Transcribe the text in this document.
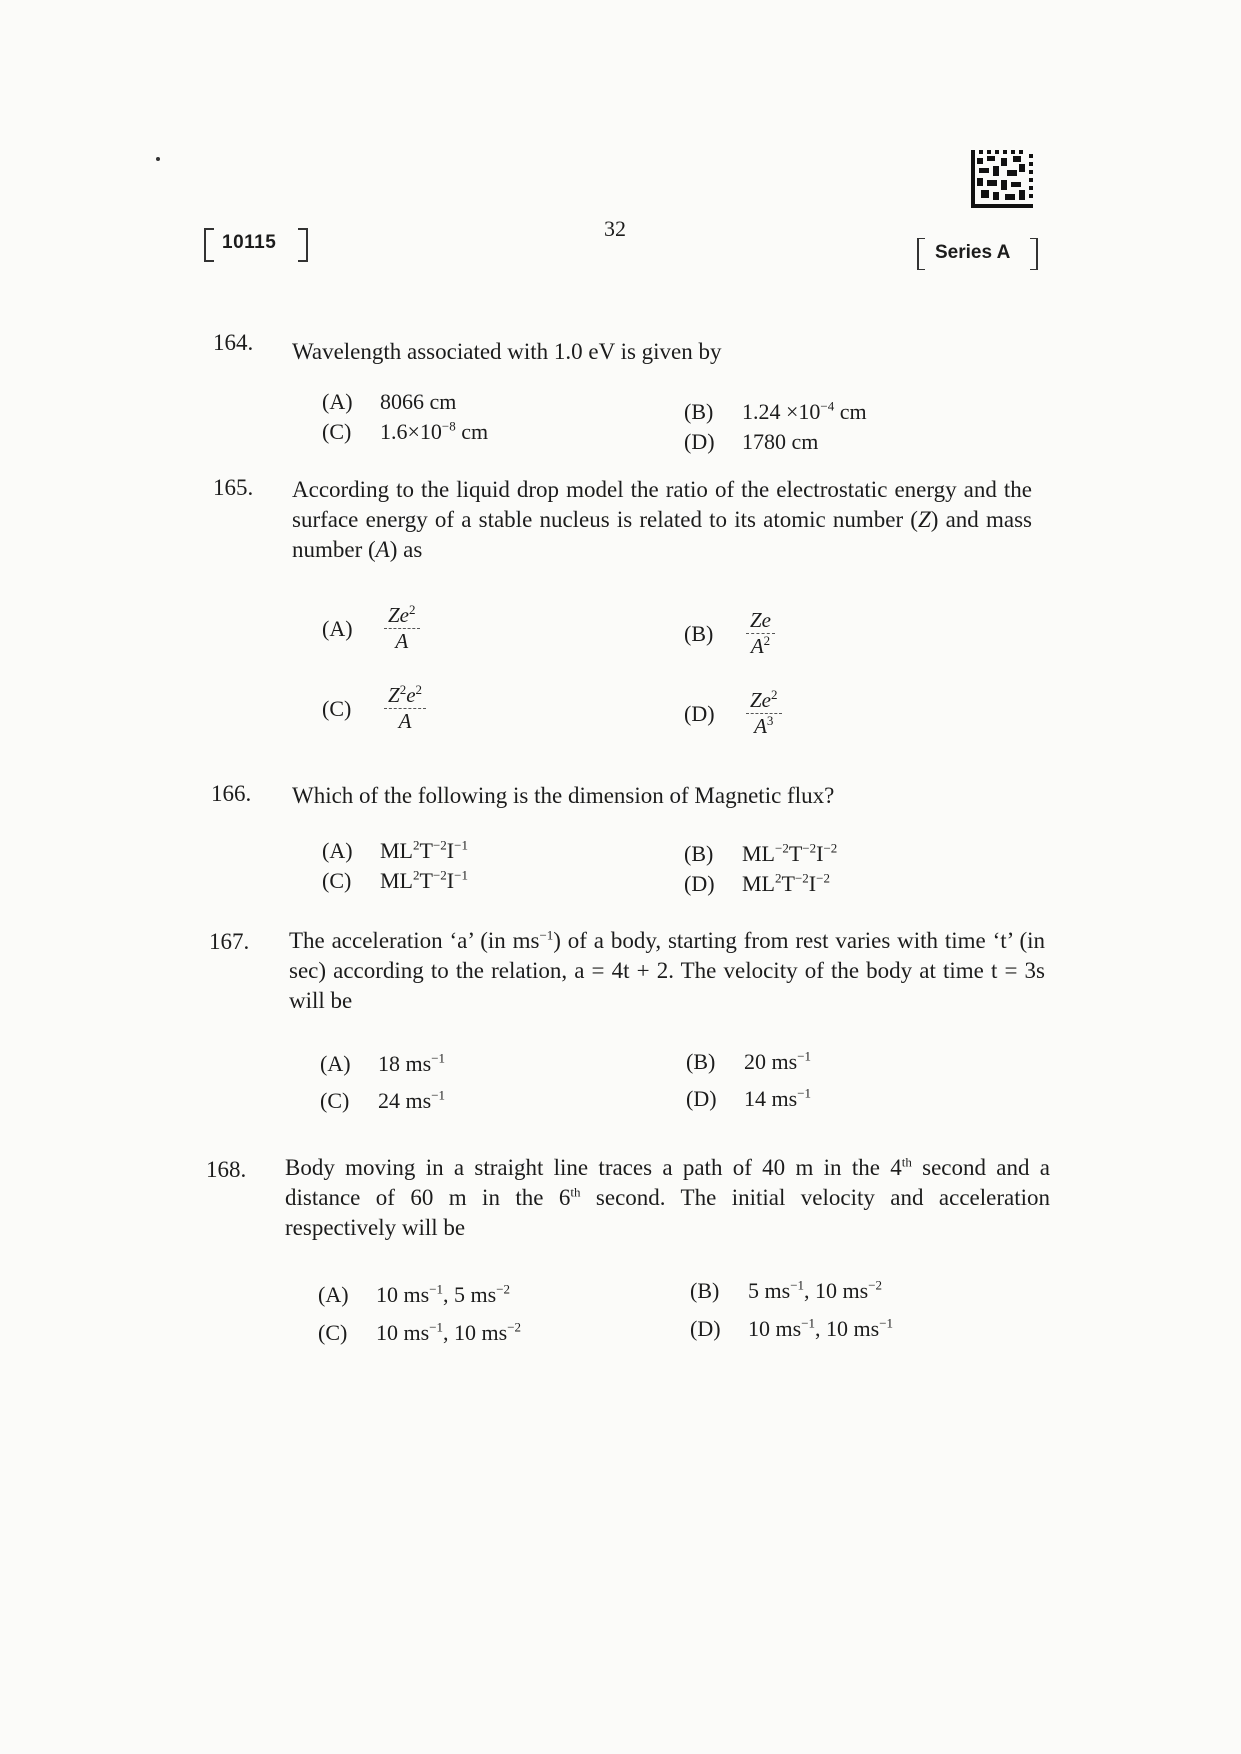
10115
32
Series A
164. Wavelength associated with 1.0 eV is given by
(A) 8066 cm	(B) $1.24 \times 10^{-4}$ cm
(C) $1.6\times 10^{-8}$ cm	(D) 1780 cm
165. According to the liquid drop model the ratio of the electrostatic energy and the surface energy of a stable nucleus is related to its atomic number (Z) and mass number (A) as
$(A) \frac{Ze^2}{A}$	$(B) \frac{Ze}{A^2}$
$(C) \frac{Z^2e^2}{A}$	$(D) \frac{Ze^2}{A^3}$
166. Which of the following is the dimension of Magnetic flux?
(A) $ML^2T^{-2}I^{-1}$	(B) $ML^{-2}T^{-2}I^{-2}$
(C) $ML^2T^{-2}I^{-1}$	(D) $ML^2T^{-2}I^{-2}$
167. The acceleration ‘a’ (in $ms^{-1}$) of a body, starting from rest varies with time ‘t’ (in sec) according to the relation, a = 4t + 2. The velocity of the body at time t = 3s will be
(A) 18 $ms^{-1}$	(B) 20 $ms^{-1}$
(C) 24 $ms^{-1}$	(D) 14 $ms^{-1}$
168. Body moving in a straight line traces a path of 40 m in the 4th second and a distance of 60 m in the 6th second. The initial velocity and acceleration respectively will be
(A) 10 $ms^{-1}$, 5 $ms^{-2}$	(B) 5 $ms^{-1}$, 10 $ms^{-2}$
(C) 10 $ms^{-1}$, 10 $ms^{-2}$	(D) 10 $ms^{-1}$, 10 $ms^{-1}$
